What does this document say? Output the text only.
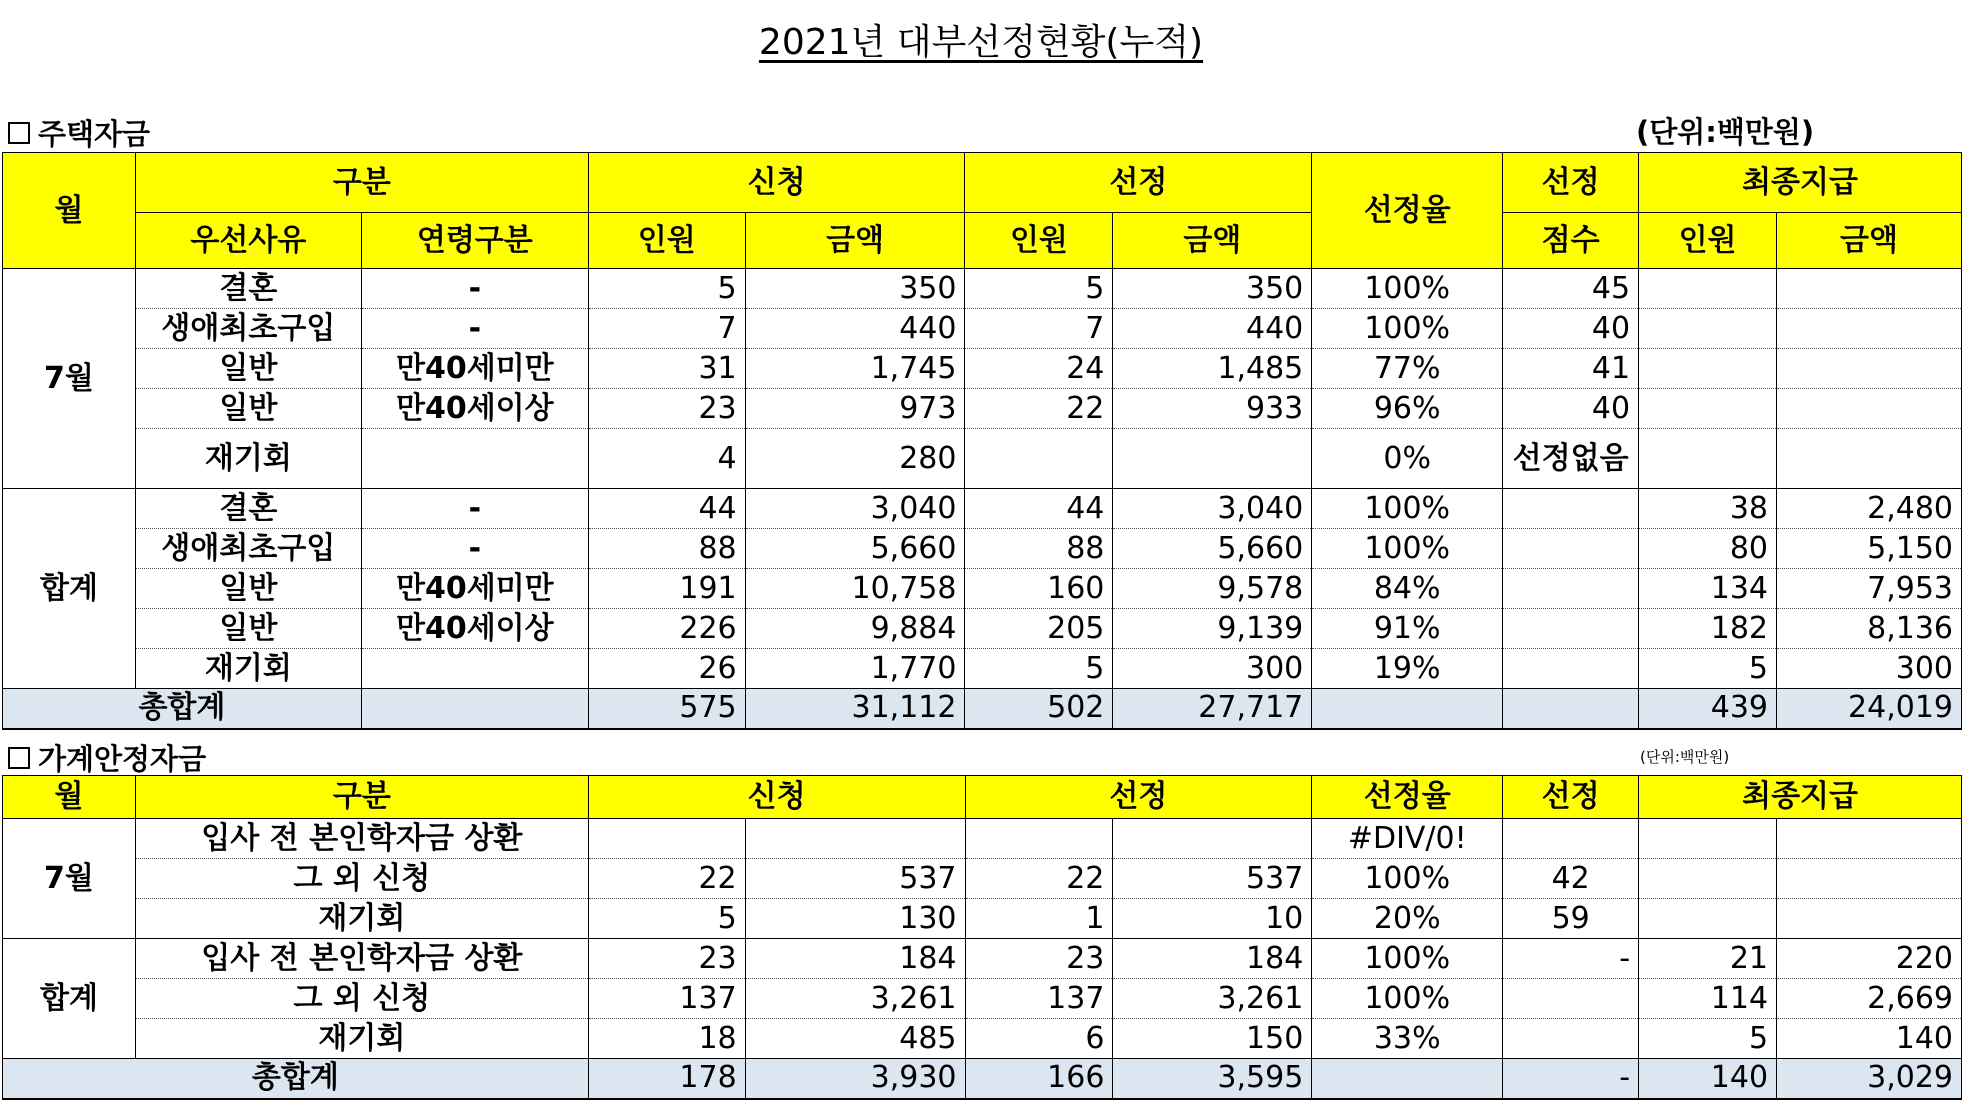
2021년 대부선정현황(누적)
주택자금	(단위:백만원)
월	구분		신청		선정		선정율	선정	최종지급	
	우선사유	연령구분	인원	금액	인원	금액		점수	인원	금액
7월	결혼	-	5	350	5	350	100%	45		
	생애최초구입	-	7	440	7	440	100%	40		
	일반	만40세미만	31	1,745	24	1,485	77%	41		
	일반	만40세이상	23	973	22	933	96%	40		
	재기회		4	280			0%	선정없음		
합계	결혼	-	44	3,040	44	3,040	100%		38	2,480
	생애최초구입	-	88	5,660	88	5,660	100%		80	5,150
	일반	만40세미만	191	10,758	160	9,578	84%		134	7,953
	일반	만40세이상	226	9,884	205	9,139	91%		182	8,136
	재기회		26	1,770	5	300	19%		5	300
총합계			575	31,112	502	27,717			439	24,019
가계안정자금	(단위:백만원)
월	구분	신청		선정		선정율	선정	최종지급	
7월	입사 전 본인학자금 상환					#DIV/0!			
	그 외 신청	22	537	22	537	100%	42		
	재기회	5	130	1	10	20%	59		
합계	입사 전 본인학자금 상환	23	184	23	184	100%	-	21	220
	그 외 신청	137	3,261	137	3,261	100%		114	2,669
	재기회	18	485	6	150	33%		5	140
총합계		178	3,930	166	3,595		-	140	3,029
